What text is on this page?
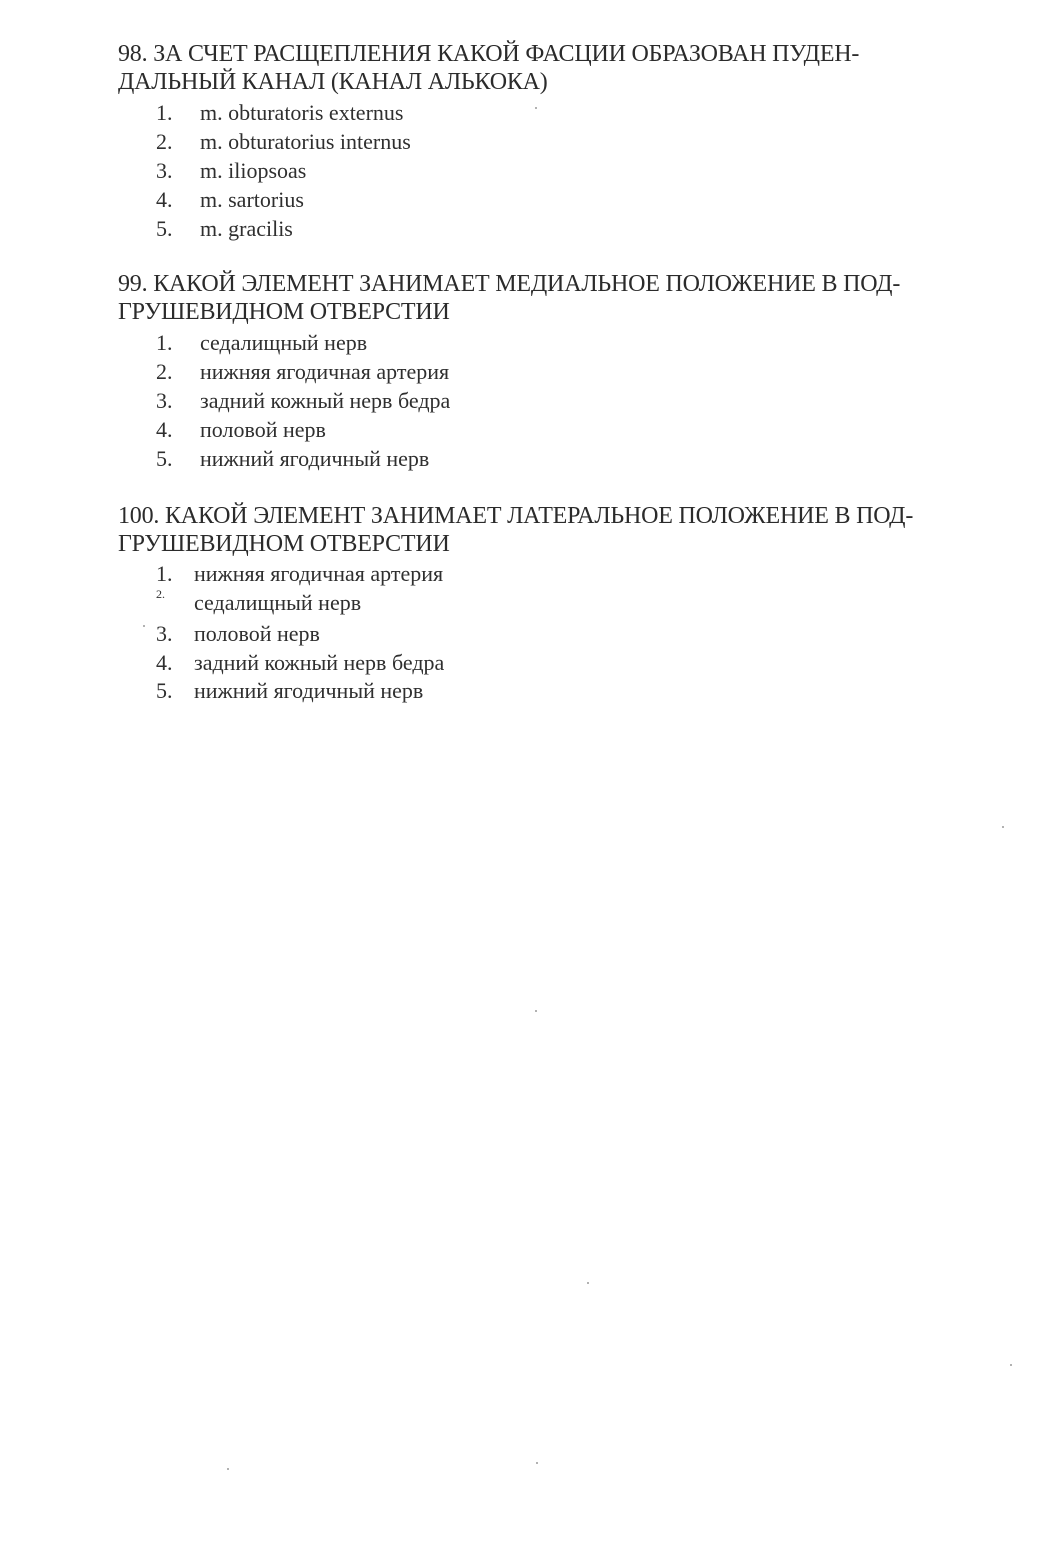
98. ЗА СЧЕТ РАСЩЕПЛЕНИЯ КАКОЙ ФАСЦИИ ОБРАЗОВАН ПУДЕН-
ДАЛЬНЫЙ КАНАЛ (КАНАЛ АЛЬКОКА)
1.	m. obturatoris externus
2.	m. obturatorius internus
3.	m. iliopsoas
4.	m. sartorius
5.	m. gracilis
99. КАКОЙ ЭЛЕМЕНТ ЗАНИМАЕТ МЕДИАЛЬНОЕ ПОЛОЖЕНИЕ В ПОД-
ГРУШЕВИДНОМ ОТВЕРСТИИ
1.	седалищный нерв
2.	нижняя ягодичная артерия
3.	задний кожный нерв бедра
4.	половой нерв
5.	нижний ягодичный нерв
100. КАКОЙ ЭЛЕМЕНТ ЗАНИМАЕТ ЛАТЕРАЛЬНОЕ ПОЛОЖЕНИЕ В ПОД-
ГРУШЕВИДНОМ ОТВЕРСТИИ
1. нижняя ягодичная артерия
2.	седалищный нерв
3. половой нерв
4. задний кожный нерв бедра
5. нижний ягодичный нерв
